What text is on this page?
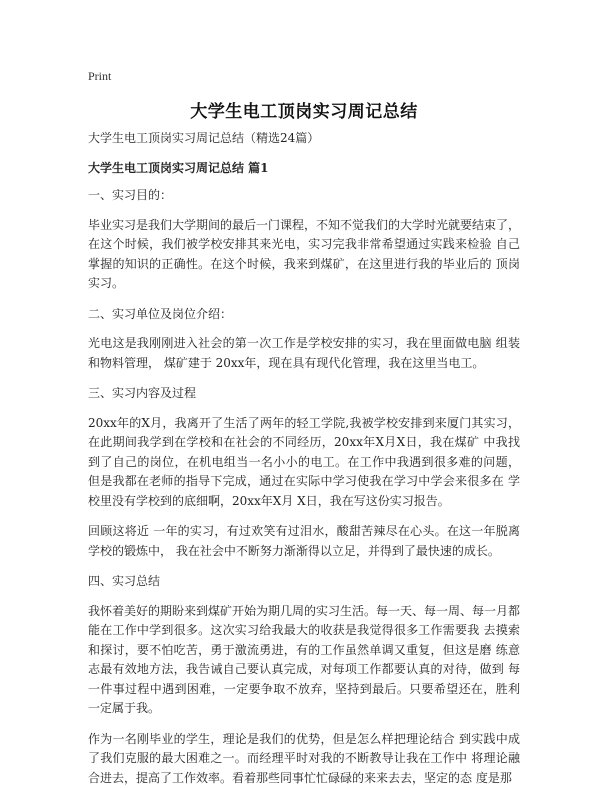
Print
大学生电工顶岗实习周记总结

大学生电工顶岗实习周记总结（精选24篇）

大学生电工顶岗实习周记总结 篇1

一、实习目的：

毕业实习是我们大学期间的最后一门课程，不知不觉我们的大学时光就要结束了，在这个时候，我们被学校安排其来光电，实习完我非常希望通过实践来检验 自己掌握的知识的正确性。在这个时候，我来到煤矿，在这里进行我的毕业后的 顶岗实习。

二、实习单位及岗位介绍：

光电这是我刚刚进入社会的第一次工作是学校安排的实习，我在里面做电脑 组装和物料管理， 煤矿建于 20xx年，现在具有现代化管理，我在这里当电工。

三、实习内容及过程

20xx年的X月，我离开了生活了两年的轻工学院,我被学校安排到来厦门其实习，在此期间我学到在学校和在社会的不同经历，20xx年X月X日，我在煤矿 中我找到了自己的岗位，在机电组当一名小小的电工。在工作中我遇到很多难的问题， 但是我都在老师的指导下完成，通过在实际中学习使我在学习中学会来很多在 学校里没有学校到的底细啊，20xx年X月 X日，我在写这份实习报告。

回顾这将近 一年的实习，有过欢笑有过泪水，酸甜苦辣尽在心头。在这一年脱离学校的锻炼中， 我在社会中不断努力渐渐得以立足，并得到了最快速的成长。

四、实习总结

我怀着美好的期盼来到煤矿开始为期几周的实习生活。每一天、每一周、每一月都能在工作中学到很多。这次实习给我最大的收获是我觉得很多工作需要我 去摸索和探讨，要不怕吃苦，勇于激流勇进，有的工作虽然单调又重复，但这是磨 练意志最有效地方法，我告诫自己要认真完成，对每项工作都要认真的对待，做到 每一件事过程中遇到困难，一定要争取不放弃，坚持到最后。只要希望还在，胜利 一定属于我。

作为一名刚毕业的学生，理论是我们的优势，但是怎么样把理论结合 到实践中成了我们克服的最大困难之一。而经理平时对我的不断教导让我在工作中 将理论融合进去，提高了工作效率。看着那些同事忙忙碌碌的来来去去，坚定的态 度是那
